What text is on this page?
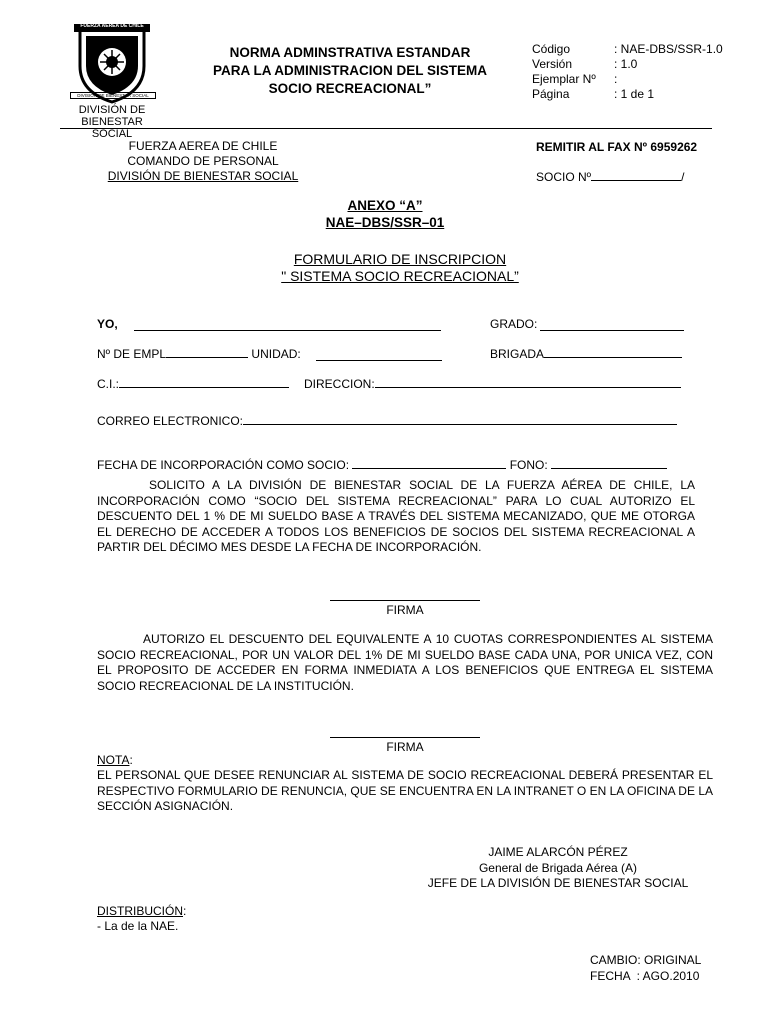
FUERZA AÉREA DE CHILE
DIVISION DE BIENESTAR SOCIAL
DIVISIÓN DE BIENESTAR SOCIAL
NORMA ADMINSTRATIVA ESTANDAR
PARA LA ADMINISTRACION DEL SISTEMA
SOCIO RECREACIONAL”
Código	: NAE-DBS/SSR-1.0
Versión	: 1.0
Ejemplar Nº :
Página	: 1 de 1
FUERZA AEREA DE CHILE
COMANDO DE PERSONAL
DIVISIÓN DE BIENESTAR SOCIAL
REMITIR AL FAX Nº 6959262
SOCIO Nº	/
ANEXO “A”
NAE–DBS/SSR–01
FORMULARIO DE INSCRIPCION
" SISTEMA SOCIO RECREACIONAL”
YO,	GRADO:
Nº DE EMPL	UNIDAD:	BRIGADA
C.I.:	DIRECCION:
CORREO ELECTRONICO:
FECHA DE INCORPORACIÓN COMO SOCIO:	FONO:
SOLICITO A LA DIVISIÓN DE BIENESTAR SOCIAL DE LA FUERZA AÉREA DE CHILE, LA INCORPORACIÓN COMO “SOCIO DEL SISTEMA RECREACIONAL” PARA LO CUAL AUTORIZO EL DESCUENTO DEL 1 % DE MI SUELDO BASE A TRAVÉS DEL SISTEMA MECANIZADO, QUE ME OTORGA EL DERECHO DE ACCEDER A TODOS LOS BENEFICIOS DE SOCIOS DEL SISTEMA RECREACIONAL A PARTIR DEL DÉCIMO MES DESDE LA FECHA DE INCORPORACIÓN.
FIRMA
AUTORIZO EL DESCUENTO DEL EQUIVALENTE A 10 CUOTAS CORRESPONDIENTES AL SISTEMA SOCIO RECREACIONAL, POR UN VALOR DEL 1% DE MI SUELDO BASE CADA UNA, POR UNICA VEZ, CON EL PROPOSITO DE ACCEDER EN FORMA INMEDIATA A LOS BENEFICIOS QUE ENTREGA EL SISTEMA SOCIO RECREACIONAL DE LA INSTITUCIÓN.
FIRMA
NOTA:
EL PERSONAL QUE DESEE RENUNCIAR AL SISTEMA DE SOCIO RECREACIONAL DEBERÁ PRESENTAR EL RESPECTIVO FORMULARIO DE RENUNCIA, QUE SE ENCUENTRA EN LA INTRANET O EN LA OFICINA DE LA SECCIÓN ASIGNACIÓN.
JAIME ALARCÓN PÉREZ
General de Brigada Aérea (A)
JEFE DE LA DIVISIÓN DE BIENESTAR SOCIAL
DISTRIBUCIÓN:
- La de la NAE.
CAMBIO: ORIGINAL
FECHA  : AGO.2010
